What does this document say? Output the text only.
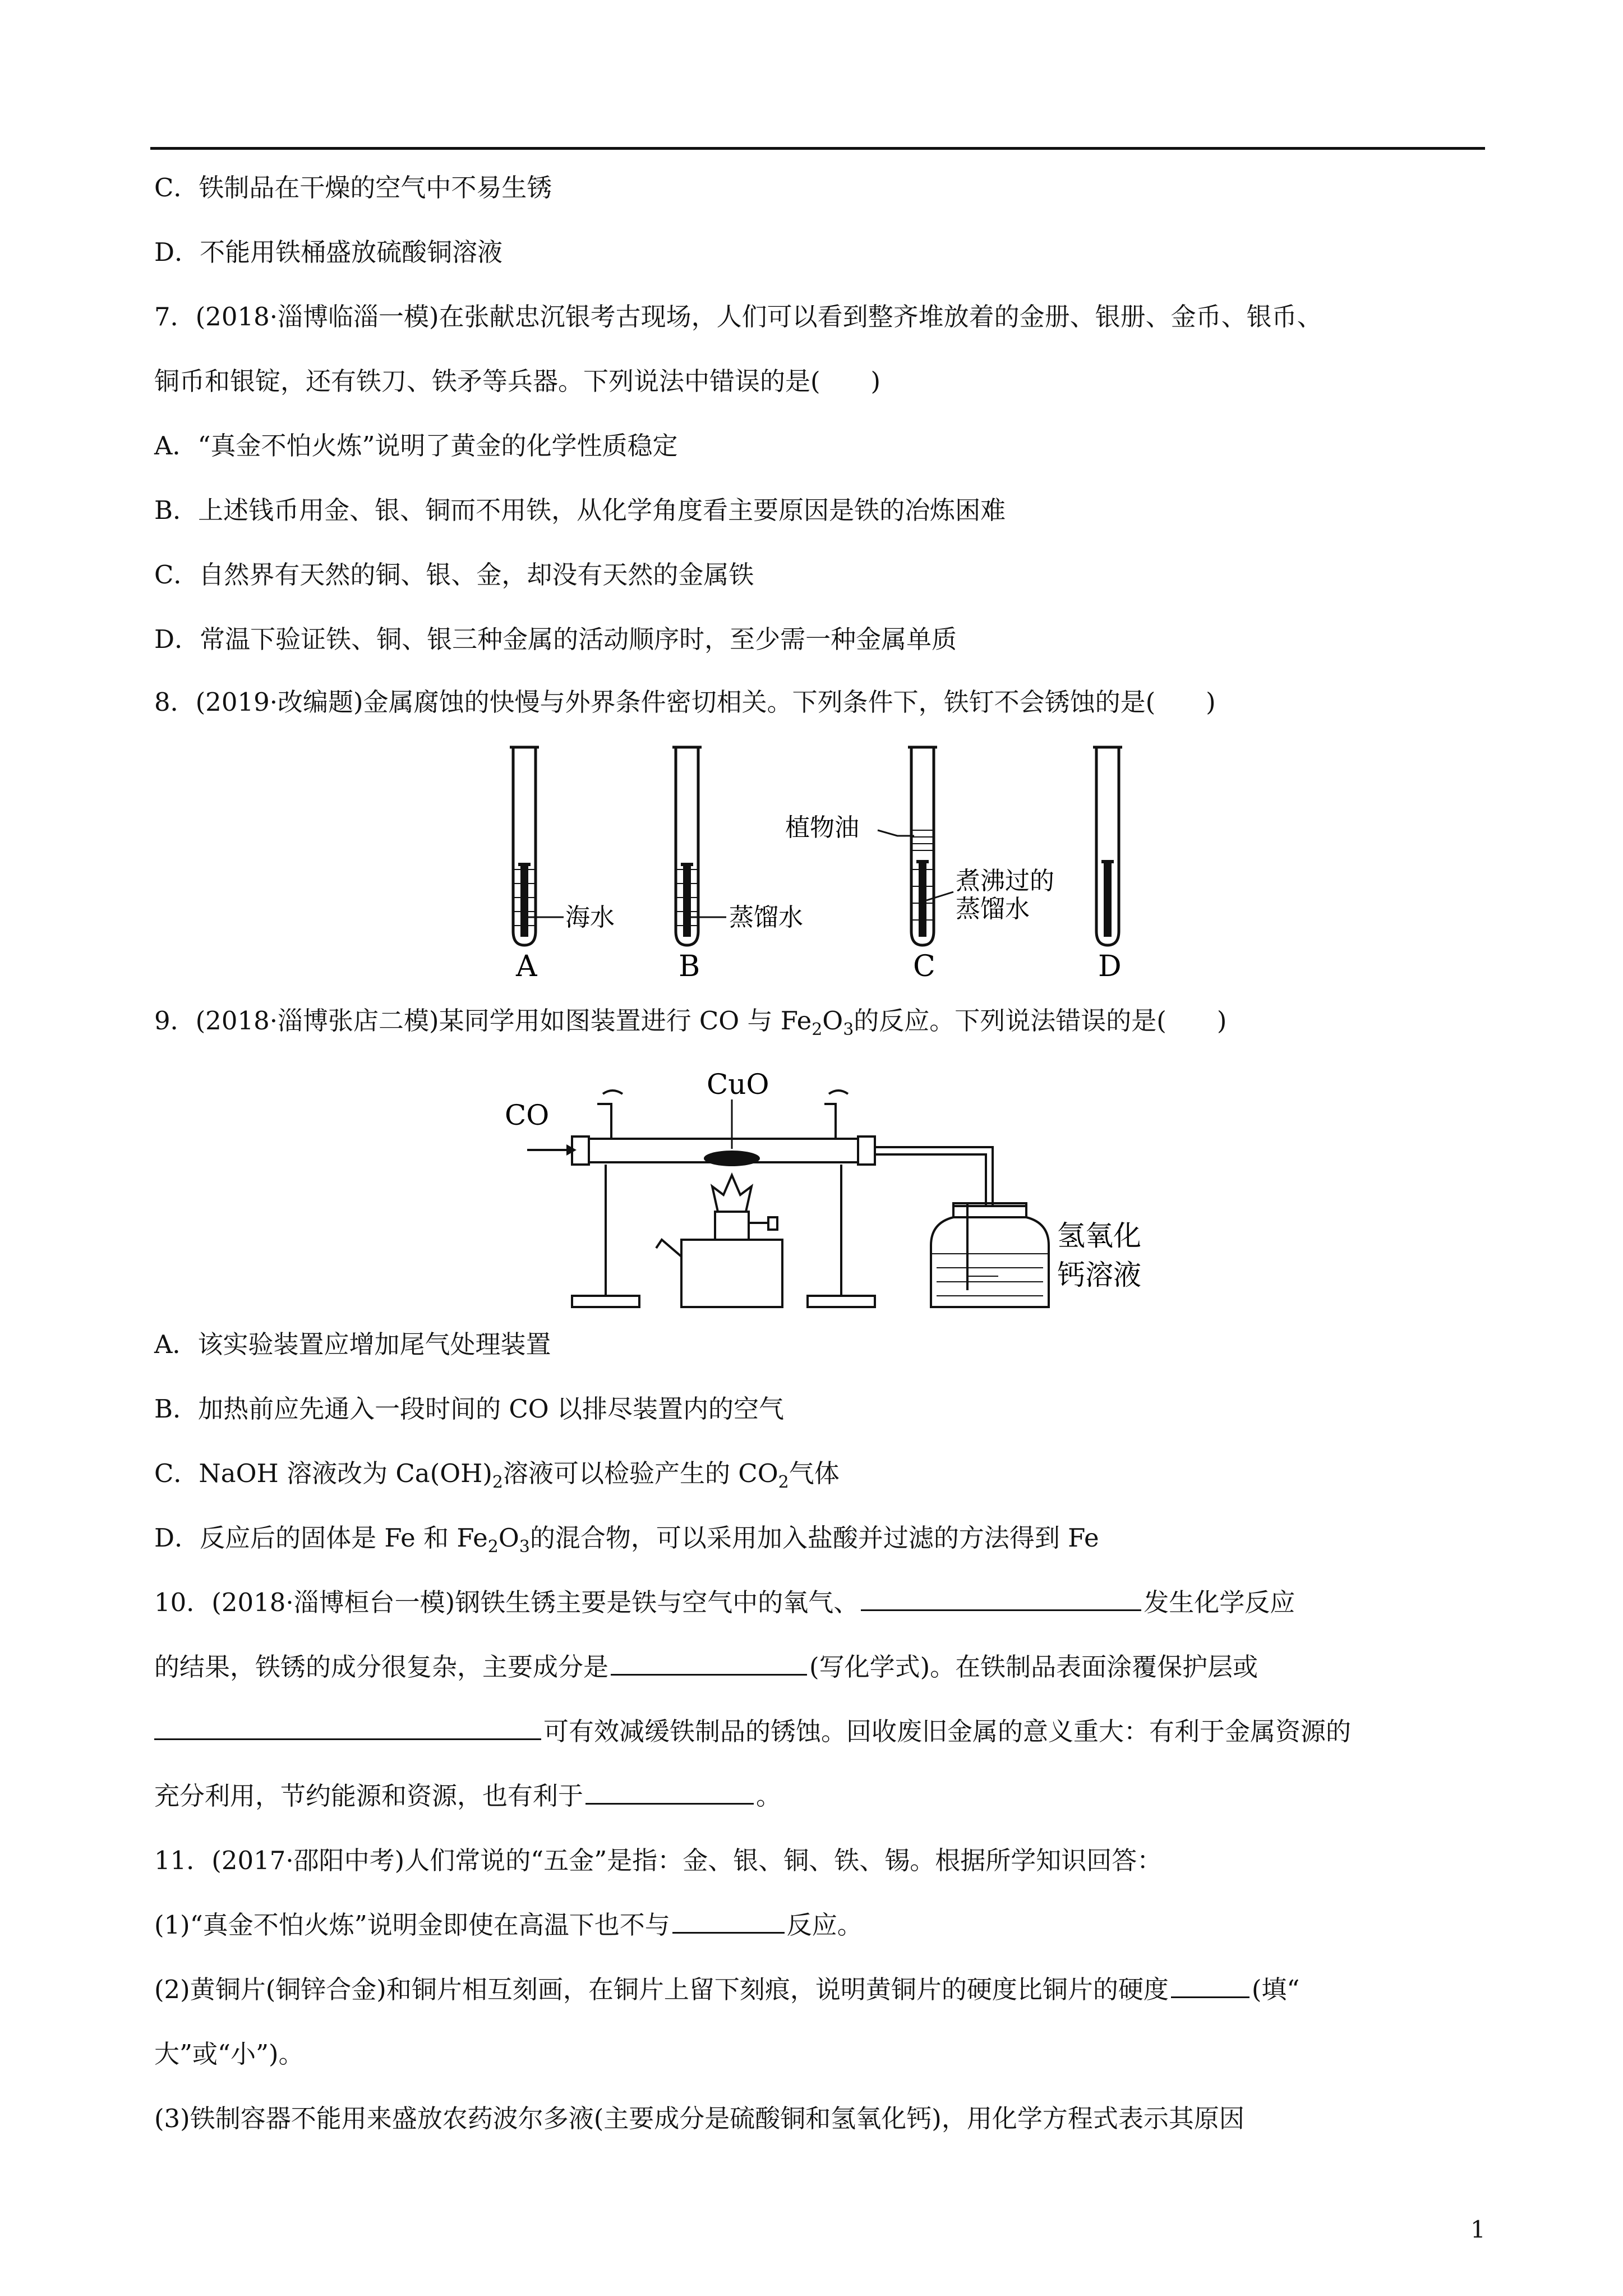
C．铁制品在干燥的空气中不易生锈
D．不能用铁桶盛放硫酸铜溶液
7．(2018·淄博临淄一模)在张献忠沉银考古现场，人们可以看到整齐堆放着的金册、银册、金币、银币、
铜币和银锭，还有铁刀、铁矛等兵器。下列说法中错误的是(　　)
A．“真金不怕火炼”说明了黄金的化学性质稳定
B．上述钱币用金、银、铜而不用铁，从化学角度看主要原因是铁的冶炼困难
C．自然界有天然的铜、银、金，却没有天然的金属铁
D．常温下验证铁、铜、银三种金属的活动顺序时，至少需一种金属单质
8．(2019·改编题)金属腐蚀的快慢与外界条件密切相关。下列条件下，铁钉不会锈蚀的是(　　)
海水	蒸馏水
植物油
煮沸过的
蒸馏水
A	B	C	D
9．(2018·淄博张店二模)某同学用如图装置进行 CO 与 $Fe_2O_3$的反应。下列说法错误的是(　　)
CO
CuO
氢氧化
钙溶液
A．该实验装置应增加尾气处理装置
B．加热前应先通入一段时间的 CO 以排尽装置内的空气
C．NaOH 溶液改为 $Ca(OH)_2$溶液可以检验产生的 $CO_2$气体
D．反应后的固体是 Fe 和 $Fe_2O_3$的混合物，可以采用加入盐酸并过滤的方法得到 Fe
10．(2018·淄博桓台一模)钢铁生锈主要是铁与空气中的氧气、	发生化学反应
的结果，铁锈的成分很复杂，主要成分是	(写化学式)。在铁制品表面涂覆保护层或
可有效减缓铁制品的锈蚀。回收废旧金属的意义重大：有利于金属资源的
充分利用，节约能源和资源，也有利于	。
11．(2017·邵阳中考)人们常说的“五金”是指：金、银、铜、铁、锡。根据所学知识回答：
(1)“真金不怕火炼”说明金即使在高温下也不与	反应。
(2)黄铜片(铜锌合金)和铜片相互刻画，在铜片上留下刻痕，说明黄铜片的硬度比铜片的硬度	(填“
大”或“小”)。
(3)铁制容器不能用来盛放农药波尔多液(主要成分是硫酸铜和氢氧化钙)，用化学方程式表示其原因
1
